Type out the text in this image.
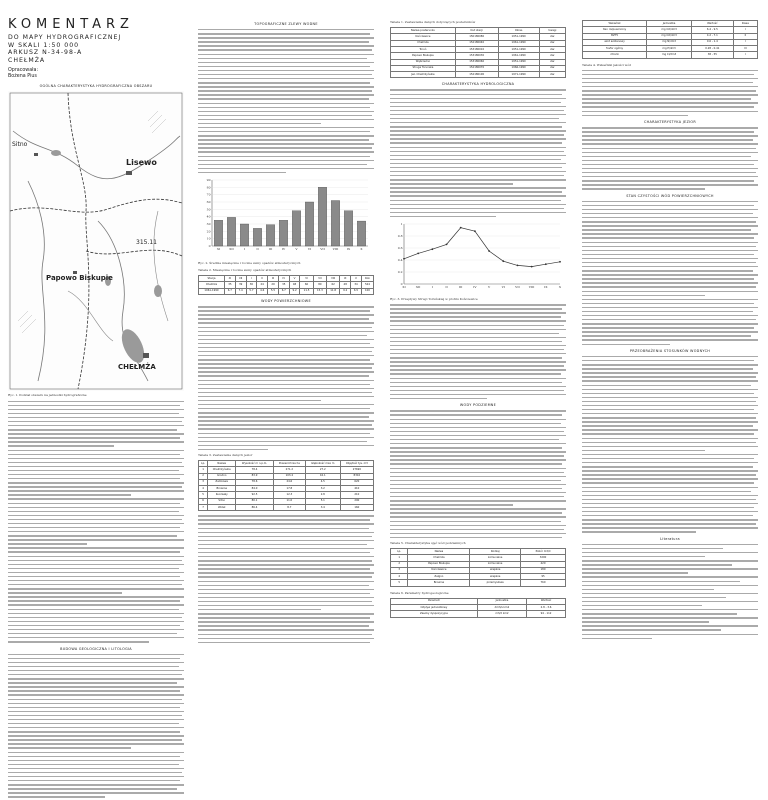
KOMENTARZ
DO MAPY HYDROGRAFICZNEJ
W SKALI 1:50 000
ARKUSZ N-34-98-A
CHEŁMŻA
Opracowała:
Bożena Pius
OGÓLNA CHARAKTERYSTYKA HYDROGRAFICZNA OBSZARU
Sitno
Lisewo
Papowo Biskupie
CHEŁMŻA
315.11
Ryc. 1. Podział obszaru na jednostki hydrograficzne
BUDOWA GEOLOGICZNA I LITOLOGIA
TOPOGRAFICZNE ZLEWY WODNE
0
10
20
30
40
50
60
70
80
90
XI	XII	I	II	III	IV	V	VI	VII	VIII	IX	X
Ryc. 2. Średnie miesięczne i roczne sumy opadów atmosferycznych
Tabela 2. Miesięczne i roczne sumy opadów atmosferycznych
Stacja	XI	XII	I	II	III	IV	V	VI	VII	VIII	IX	X	Rok
Chełmża	35	39	30	24	29	35	48	60	80	62	48	34	524
1961-1990	6.7	7.4	5.7	4.6	5.5	6.7	9.2	11.5	15.3	11.8	9.2	6.5	100
WODY POWIERZCHNIOWE
Tabela 3. Zestawienie danych jezior
Lp.	Nazwa	Wysokość m n.p.m.	Powierzchnia ha	Głębokość max m	Objętość tys. m3
1	Chełmżyńskie	78.4	271.2	27.2	27690
2	Grodno	83.9	103.4	16.1	8310
3	Zamkowe	78.6	24.6	4.5	620
4	Browina	84.0	17.8	3.2	410
5	Kuczwały	92.5	12.3	2.8	210
6	Sitno	80.1	11.0	5.1	290
7	Wolsk	86.4	8.7	3.4	160
Tabela 1. Zestawienie danych dotyczących posterunków
Nazwa posterunku	Kod stacji	Okres	Uwagi
Kończewice	150180080	1951-1990	zlw
Chełmża	152180040	1961-1990	zlw
Toruń	153180010	1951-1990	zlw
Papowo Biskupie	153180030	1961-1990	zlw
Wąbrzeźno	153180060	1951-1990	zlw
Struga Toruńska	152180070	1966-1990	zlw
Jez. Chełmżyńskie	152180100	1971-1990	zlw
CHARAKTERYSTYKA HYDROLOGICZNA
0
0.2
0.4
0.6
0.8
1
XI	XII	I	II	III	IV	V	VI	VII	VIII	IX	X
Ryc. 3. Przepływy Strugi Toruńskiej w profilu Kończewice
WODY PODZIEMNE
Tabela 5. Charakterystyka ujęć wód podziemnych
Lp.	Nazwa	Rodzaj	Pobór m3/d
1	Chełmża	komunalne	3200
2	Papowo Biskupie	komunalne	420
3	Kończewice	wiejskie	180
4	Zelgno	wiejskie	95
5	Browina	przemysłowe	760
Tabela 6. Parametry hydrogeologiczne
Parametr	Jednostka	Wartość
Odpływ jednostkowy	dm3/s km2	2.8 - 3.6
Zasoby dyspozycyjne	m3/d km2	94 - 112
Wskaźnik	Jednostka	Wartość	Klasa
tlen rozpuszczony	mg O2/dm3	6.4 - 9.5	I
BZT5	mg O2/dm3	4.2 - 7.1	II
azot azotanowy	mg N/dm3	0.6 - 1.4	I
fosfor ogólny	mg P/dm3	0.28 - 0.41	III
chlorki	mg Cl/dm3	38 - 55	I
Tabela 4. Wskaźniki jakości wód
CHARAKTERYSTYKA JEZIOR
STAN CZYSTOŚCI WÓD POWIERZCHNIOWYCH
PRZEOBRAŻENIA STOSUNKÓW WODNYCH
Literatura
